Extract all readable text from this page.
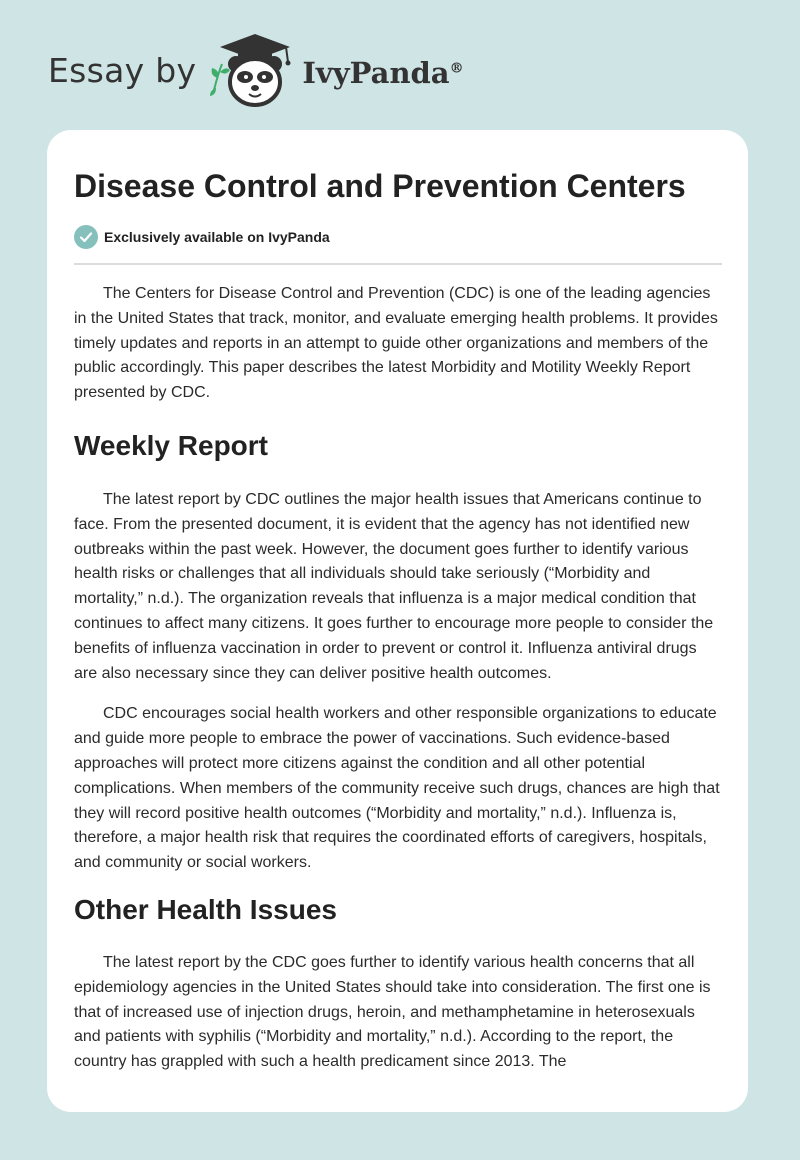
Essay by	IvyPanda®
Disease Control and Prevention Centers
Exclusively available on IvyPanda

The Centers for Disease Control and Prevention (CDC) is one of the leading agencies in the United States that track, monitor, and evaluate emerging health problems. It provides timely updates and reports in an attempt to guide other organizations and members of the public accordingly. This paper describes the latest Morbidity and Motility Weekly Report presented by CDC.

Weekly Report

The latest report by CDC outlines the major health issues that Americans continue to face. From the presented document, it is evident that the agency has not identified new outbreaks within the past week. However, the document goes further to identify various health risks or challenges that all individuals should take seriously (“Morbidity and mortality,” n.d.). The organization reveals that influenza is a major medical condition that continues to affect many citizens. It goes further to encourage more people to consider the benefits of influenza vaccination in order to prevent or control it. Influenza antiviral drugs are also necessary since they can deliver positive health outcomes.

CDC encourages social health workers and other responsible organizations to educate and guide more people to embrace the power of vaccinations. Such evidence-based approaches will protect more citizens against the condition and all other potential complications. When members of the community receive such drugs, chances are high that they will record positive health outcomes (“Morbidity and mortality,” n.d.). Influenza is, therefore, a major health risk that requires the coordinated efforts of caregivers, hospitals, and community or social workers.

Other Health Issues

The latest report by the CDC goes further to identify various health concerns that all epidemiology agencies in the United States should take into consideration. The first one is that of increased use of injection drugs, heroin, and methamphetamine in heterosexuals and patients with syphilis (“Morbidity and mortality,” n.d.). According to the report, the country has grappled with such a health predicament since 2013. The
